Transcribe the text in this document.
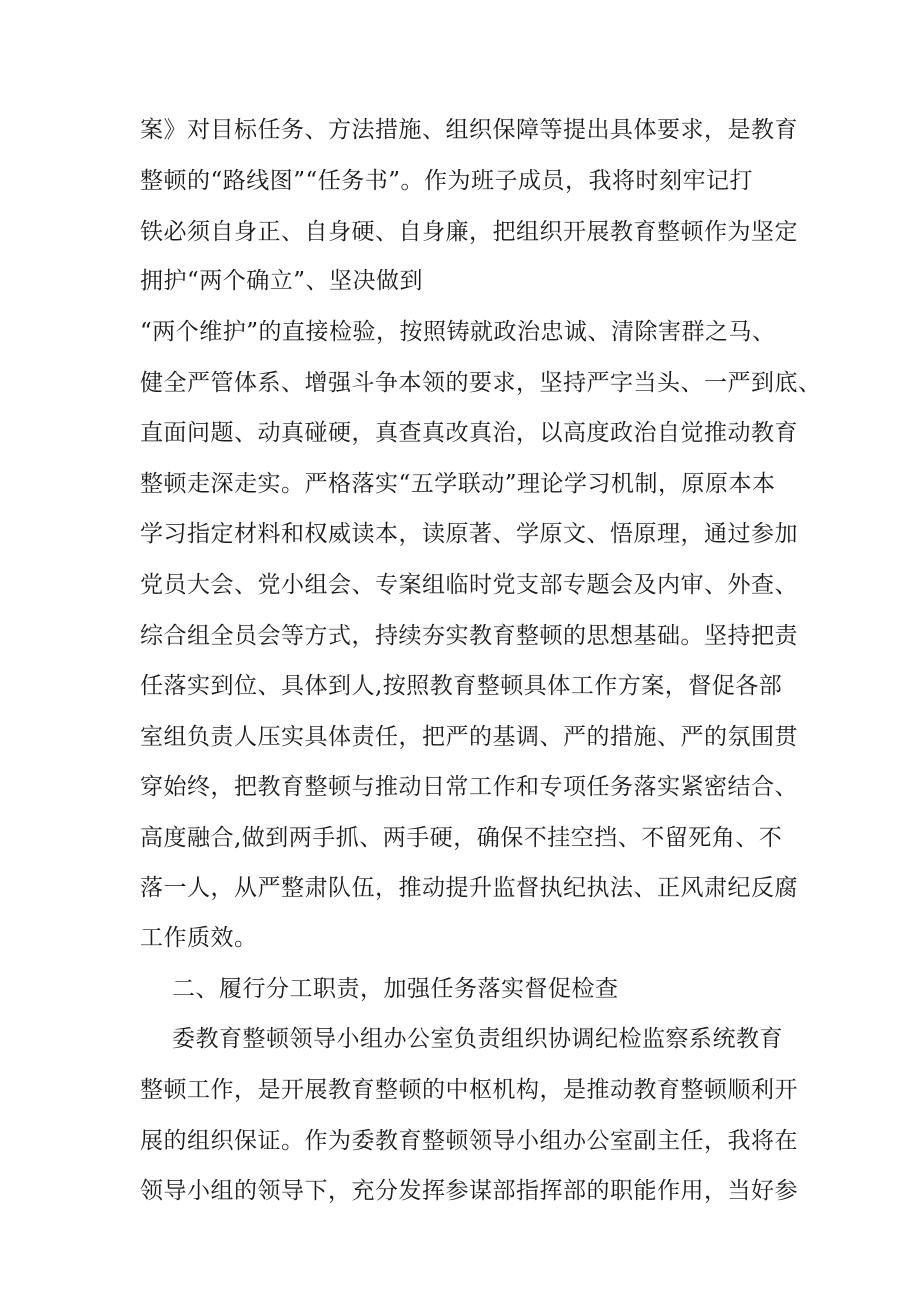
案》对目标任务、方法措施、组织保障等提出具体要求，是教育
整顿的“路线图”“任务书”。作为班子成员，我将时刻牢记打
铁必须自身正、自身硬、自身廉，把组织开展教育整顿作为坚定
拥护“两个确立”、坚决做到
“两个维护”的直接检验，按照铸就政治忠诚、清除害群之马、
健全严管体系、增强斗争本领的要求，坚持严字当头、一严到底、
直面问题、动真碰硬，真查真改真治，以高度政治自觉推动教育
整顿走深走实。严格落实“五学联动”理论学习机制，原原本本
学习指定材料和权威读本，读原著、学原文、悟原理，通过参加
党员大会、党小组会、专案组临时党支部专题会及内审、外查、
综合组全员会等方式，持续夯实教育整顿的思想基础。坚持把责
任落实到位、具体到人,按照教育整顿具体工作方案，督促各部
室组负责人压实具体责任，把严的基调、严的措施、严的氛围贯
穿始终，把教育整顿与推动日常工作和专项任务落实紧密结合、
高度融合,做到两手抓、两手硬，确保不挂空挡、不留死角、不
落一人，从严整肃队伍，推动提升监督执纪执法、正风肃纪反腐
工作质效。
二、履行分工职责，加强任务落实督促检查
委教育整顿领导小组办公室负责组织协调纪检监察系统教育
整顿工作，是开展教育整顿的中枢机构，是推动教育整顿顺利开
展的组织保证。作为委教育整顿领导小组办公室副主任，我将在
领导小组的领导下，充分发挥参谋部指挥部的职能作用，当好参
